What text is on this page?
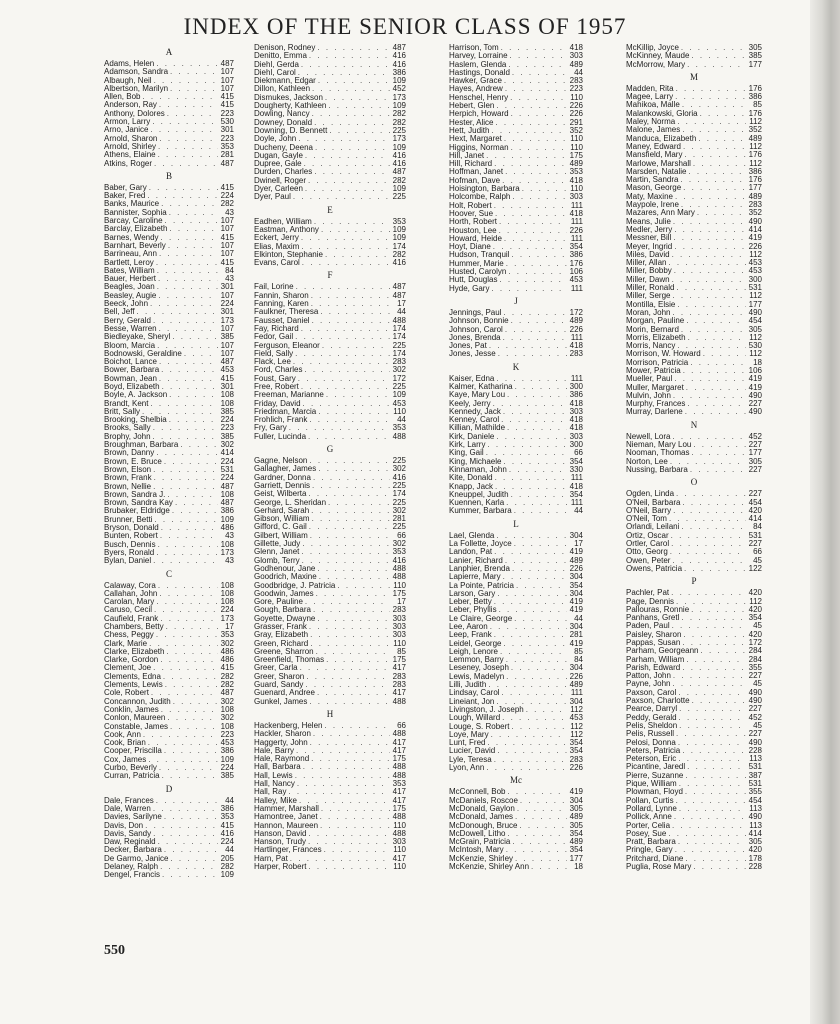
INDEX OF THE SENIOR CLASS OF 1957
A
Adams, Helen . . .	487
Adamson, Sandra . . .	107
Albaugh, Neil . . .	107
Albertson, Marilyn . . .	107
Allen, Bob . . .	415
Anderson, Ray . . .	415
Anthony, Dolores . . .	223
Armon, Larry . . .	530
Arno, Janice . . .	301
Arnold, Sharon . . .	223
Arnold, Shirley . . .	353
Athens, Elaine . . .	281
Atkins, Roger . . .	487
B
Baber, Gary . . .	415
Baker, Fred . . .	224
Banks, Maurice . . .	282
Bannister, Sophia . . .	43
Barcay, Caroline . . .	107
Barclay, Elizabeth . . .	107
Barnes, Wendy . . .	415
Barnhart, Beverly . . .	107
Barrineau, Ann . . .	107
Bartlett, Leroy . . .	415
Bates, William . . .	84
Bauer, Herbert . . .	43
Beagles, Joan . . .	301
Beasley, Augie . . .	107
Beeck, John . . .	224
Bell, Jeff . . .	301
Berry, Gerald . . .	173
Besse, Warren . . .	107
Biedleyake, Sheryl . . .	385
Bloom, Marcia . . .	107
Bodnowski, Geraldine . . .	107
Boichot, Lance . . .	487
Bower, Barbara . . .	453
Bowman, Jean . . .	415
Boyd, Elizabeth . . .	301
Boyle, A. Jackson . . .	108
Brandt, Kent . . .	108
Britt, Sally . . .	385
Brooking, Shelbia . . .	224
Brooks, Sally . . .	223
Brophy, John . . .	385
Broughman, Barbara . . .	302
Brown, Danny . . .	414
Brown, E. Bruce . . .	224
Brown, Elson . . .	531
Brown, Frank . . .	224
Brown, Nellie . . .	487
Brown, Sandra J. . . .	108
Brown, Sandra Kay . . .	487
Brubaker, Eldridge . . .	386
Brunner, Betti . . .	109
Bryson, Donald . . .	486
Bunten, Robert . . .	43
Busch, Dennis . . .	108
Byers, Ronald . . .	173
Bylan, Daniel . . .	43
C
Calaway, Cora . . .	108
Callahan, John . . .	108
Carolan, Mary . . .	108
Caruso, Cecil . . .	224
Caufield, Frank . . .	173
Chambers, Betty . . .	17
Chess, Peggy . . .	353
Clark, Marie . . .	302
Clarke, Elizabeth . . .	486
Clarke, Gordon . . .	486
Clement, Joe . . .	415
Clements, Edna . . .	282
Clements, Lewis . . .	282
Cole, Robert . . .	487
Concannon, Judith . . .	302
Conklin, James . . .	108
Conlon, Maureen . . .	302
Constable, James . . .	108
Cook, Ann . . .	223
Cook, Brian . . .	453
Cooper, Priscilla . . .	386
Cox, James . . .	109
Curbo, Beverly . . .	224
Curran, Patricia . . .	385
D
Dale, Frances . . .	44
Dale, Warren . . .	386
Davies, Sarilyne . . .	353
Davis, Don . . .	415
Davis, Sandy . . .	416
Daw, Reginald . . .	224
Decker, Barbara . . .	44
De Garmo, Janice . . .	205
Delaney, Ralph . . .	282
Dengel, Francis . . .	109
Denison, Rodney . . .	487
Denitto, Emma . . .	416
Diehl, Gerda . . .	416
Diehl, Carol . . .	386
Diekmann, Edgar . . .	109
Dillon, Kathleen . . .	452
Dismukes, Jackson . . .	173
Dougherty, Kathleen . . .	109
Dowling, Nancy . . .	282
Downey, Donald . . .	282
Downing, D. Bennett . . .	225
Doyle, John . . .	173
Ducheny, Deena . . .	109
Dugan, Gayle . . .	416
Dupree, Gale . . .	416
Durden, Charles . . .	487
Dwinell, Roger . . .	282
Dyer, Carleen . . .	109
Dyer, Paul . . .	225
E
Eadhen, William . . .	353
Eastman, Anthony . . .	109
Eckert, Jerry . . .	109
Elias, Maxim . . .	174
Elkinton, Stephanie . . .	282
Evans, Carol . . .	416
F
Fail, Lorine . . .	487
Fannin, Sharon . . .	487
Fanning, Karen . . .	17
Faulkner, Theresa . . .	44
Fausset, Daniel . . .	488
Fay, Richard . . .	174
Fedor, Gail . . .	174
Ferguson, Eleanor . . .	225
Field, Sally . . .	174
Flack, Lee . . .	283
Ford, Charles . . .	302
Foust, Gary . . .	172
Free, Robert . . .	225
Freeman, Marianne . . .	109
Friday, David . . .	453
Friedman, Marcia . . .	110
Frohlich, Frank . . .	44
Fry, Gary . . .	353
Fuller, Lucinda . . .	488
G
Gagne, Nelson . . .	225
Gallagher, James . . .	302
Gardner, Donna . . .	416
Garriett, Dennis . . .	225
Geist, Wilberta . . .	174
George, L. Sheridan . . .	225
Gerhard, Sarah . . .	302
Gibson, William . . .	281
Gifford, C. Gail . . .	225
Gilbert, William . . .	66
Gillette, Judy . . .	302
Glenn, Janet . . .	353
Glomb, Terry . . .	416
Godhenour, Jane . . .	488
Goodrich, Maxine . . .	488
Goodbridge, J. Patricia . . .	110
Goodwin, James . . .	175
Gore, Pauline . . .	17
Gough, Barbara . . .	283
Goyette, Dwayne . . .	303
Grasser, Frank . . .	303
Gray, Elizabeth . . .	303
Green, Richard . . .	110
Greene, Sharron . . .	85
Greenfield, Thomas . . .	175
Greer, Carla . . .	417
Greer, Sharon . . .	283
Guard, Sandy . . .	283
Guenard, Andree . . .	417
Gunkel, James . . .	488
H
Hackenberg, Helen . . .	66
Hackler, Sharon . . .	488
Haggerty, John . . .	417
Hale, Barry . . .	417
Hale, Raymond . . .	175
Hall, Barbara . . .	488
Hall, Lewis . . .	488
Hall, Nancy . . .	353
Hall, Ray . . .	417
Halley, Mike . . .	417
Hammer, Marshall . . .	175
Hamontree, Janet . . .	488
Hannon, Maureen . . .	110
Hanson, David . . .	488
Hanson, Trudy . . .	303
Hartlinger, Frances . . .	110
Harn, Pat . . .	417
Harper, Robert . . .	110
Harrison, Tom . . .	418
Harvey, Lorraine . . .	303
Haslem, Glenda . . .	489
Hastings, Donald . . .	44
Hawker, Grace . . .	283
Hayes, Andrew . . .	223
Henschel, Henry . . .	110
Hebert, Glen . . .	226
Herpich, Howard . . .	226
Hester, Alice . . .	291
Hett, Judith . . .	352
Hext, Margaret . . .	110
Higgins, Norman . . .	110
Hill, Janet . . .	175
Hill, Richard . . .	489
Hoffman, Janet . . .	353
Hofman, Dave . . .	418
Hoisington, Barbara . . .	110
Holcombe, Ralph . . .	303
Holt, Robert . . .	111
Hoover, Sue . . .	418
Horth, Robert . . .	111
Houston, Lee . . .	226
Howard, Heide . . .	111
Hoyt, Diane . . .	354
Hudson, Tranquil . . .	386
Hummer, Marie . . .	176
Husted, Carolyn . . .	106
Hutt, Douglas . . .	453
Hyde, Gary . . .	111
J
Jennings, Paul . . .	172
Johnson, Bonnie . . .	489
Johnson, Carol . . .	226
Jones, Brenda . . .	111
Jones, Pat . . .	418
Jones, Jesse . . .	283
K
Kaiser, Edna . . .	111
Kalmer, Katharina . . .	300
Kaye, Mary Lou . . .	386
Keely, Jerry . . .	418
Kennedy, Jack . . .	303
Kenney, Carol . . .	418
Killian, Mathilde . . .	418
Kirk, Daniele . . .	303
Kirk, Larry . . .	300
King, Gail . . .	66
King, Michaele . . .	354
Kinnaman, John . . .	330
Kite, Donald . . .	111
Knapp, Jack . . .	418
Kneuppel, Judith . . .	354
Kuennen, Karla . . .	111
Kummer, Barbara . . .	44
L
Lael, Glenda . . .	304
La Follette, Joyce . . .	17
Landon, Pat . . .	419
Lanier, Richard . . .	489
Lanphier, Brenda . . .	226
Lapierre, Mary . . .	304
La Pointe, Patricia . . .	354
Larson, Gary . . .	304
Leber, Betty . . .	419
Leber, Phyllis . . .	419
Le Claire, George . . .	44
Lee, Aaron . . .	304
Leep, Frank . . .	281
Leidel, George . . .	419
Leigh, Lenore . . .	85
Lemmon, Barry . . .	84
Leseney, Joseph . . .	304
Lewis, Madelyn . . .	226
Lilli, Judith . . .	489
Lindsay, Carol . . .	111
Lineiant, Jon . . .	304
Livingston, J. Joseph . . .	112
Lough, Willard . . .	453
Louge, S. Robert . . .	112
Loye, Mary . . .	112
Lunt, Fred . . .	354
Lucier, David . . .	354
Lyle, Teresa . . .	283
Lyon, Ann . . .	226
Mc
McConnell, Bob . . .	419
McDaniels, Roscoe . . .	304
McDonald, Gaylon . . .	305
McDonald, James . . .	489
McDonough, Bruce . . .	305
McDowell, Litho . . .	354
McGrain, Patricia . . .	489
McIntosh, Mary . . .	354
McKenzie, Shirley . . .	177
McKenzie, Shirley Ann . . .	18
McKillip, Joyce . . .	305
McKinney, Maude . . .	385
McMorrow, Mary . . .	177
M
Madden, Rita . . .	176
Magee, Larry . . .	386
Mahikoa, Malle . . .	85
Malankowski, Gloria . . .	176
Maley, Norma . . .	112
Malone, James . . .	352
Manduca, Elizabeth . . .	489
Maney, Edward . . .	112
Mansfield, Mary . . .	176
Marlowe, Marshall . . .	112
Marsden, Natalie . . .	386
Martin, Sandra . . .	176
Mason, George . . .	177
Maty, Maxine . . .	489
Maypole, Irene . . .	283
Mazares, Ann Mary . . .	352
Means, Julie . . .	490
Medler, Jerry . . .	414
Messner, Bill . . .	419
Meyer, Ingrid . . .	226
Miles, David . . .	112
Miller, Allan . . .	453
Miller, Bobby . . .	453
Miller, Dawn . . .	300
Miller, Ronald . . .	531
Miller, Serge . . .	112
Montilla, Elsie . . .	177
Moran, John . . .	490
Morgan, Pauline . . .	454
Morin, Bernard . . .	305
Morris, Elizabeth . . .	112
Morris, Nancy . . .	530
Morrison, W. Howard . . .	112
Morrison, Patricia . . .	18
Mower, Patricia . . .	106
Mueller, Paul . . .	419
Muller, Margaret . . .	419
Mulvin, John . . .	490
Murphy, Frances . . .	227
Murray, Darlene . . .	490
N
Newell, Lora . . .	452
Nieman, Mary Lou . . .	227
Nooman, Thomas . . .	177
Norton, Lee . . .	305
Nussing, Barbara . . .	227
O
Ogden, Linda . . .	227
O'Neil, Barbara . . .	454
O'Neil, Barry . . .	420
O'Neil, Tom . . .	414
Orlandi, Leilani . . .	84
Ortiz, Oscar . . .	531
Ortler, Carol . . .	227
Otto, Georg . . .	66
Owen, Peter . . .	45
Owens, Patricia . . .	122
P
Pachler, Pat . . .	420
Page, Dennis . . .	112
Pallouras, Ronnie . . .	420
Panhans, Gretl . . .	354
Paden, Paul . . .	45
Paisley, Sharon . . .	420
Pappas, Susan . . .	172
Parham, Georgeann . . .	284
Parham, William . . .	284
Parish, Edward . . .	355
Patton, John . . .	227
Payne, John . . .	45
Paxson, Carol . . .	490
Paxson, Charlotte . . .	490
Pearce, Darryl . . .	227
Peddy, Gerald . . .	452
Pelis, Sheldon . . .	45
Pelis, Russell . . .	227
Pelosi, Donna . . .	490
Peters, Patricia . . .	228
Peterson, Eric . . .	113
Picantine, Jaredl . . .	531
Pierre, Suzanne . . .	387
Pique, William . . .	531
Plowman, Floyd . . .	355
Pollan, Curtis . . .	454
Pollard, Lynne . . .	113
Pollick, Anne . . .	490
Porter, Celia . . .	113
Posey, Sue . . .	414
Pratt, Barbara . . .	305
Pringle, Gary . . .	420
Pritchard, Diane . . .	178
Puglia, Rose Mary . . .	228
550
